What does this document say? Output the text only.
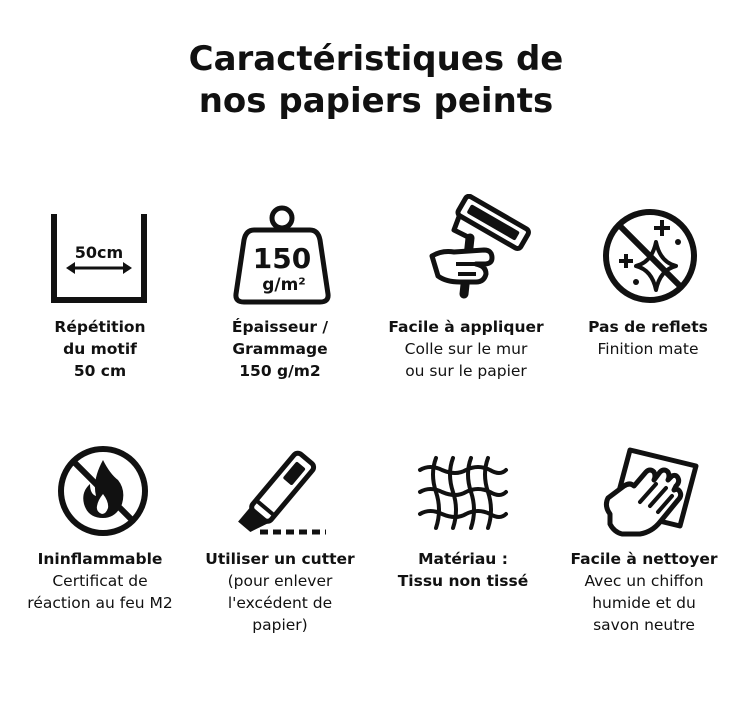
Caractéristiques de
nos papiers peints
50cm
Répétition
du motif
50 cm
150
g/m²
Épaisseur /
Grammage
150 g/m2
Facile à appliquer
Colle sur le mur
ou sur le papier
Pas de reflets
Finition mate
Ininflammable
Certificat de
réaction au feu M2
Utiliser un cutter
(pour enlever
l'excédent de
papier)
Matériau :
Tissu non tissé
Facile à nettoyer
Avec un chiffon
humide et du
savon neutre
